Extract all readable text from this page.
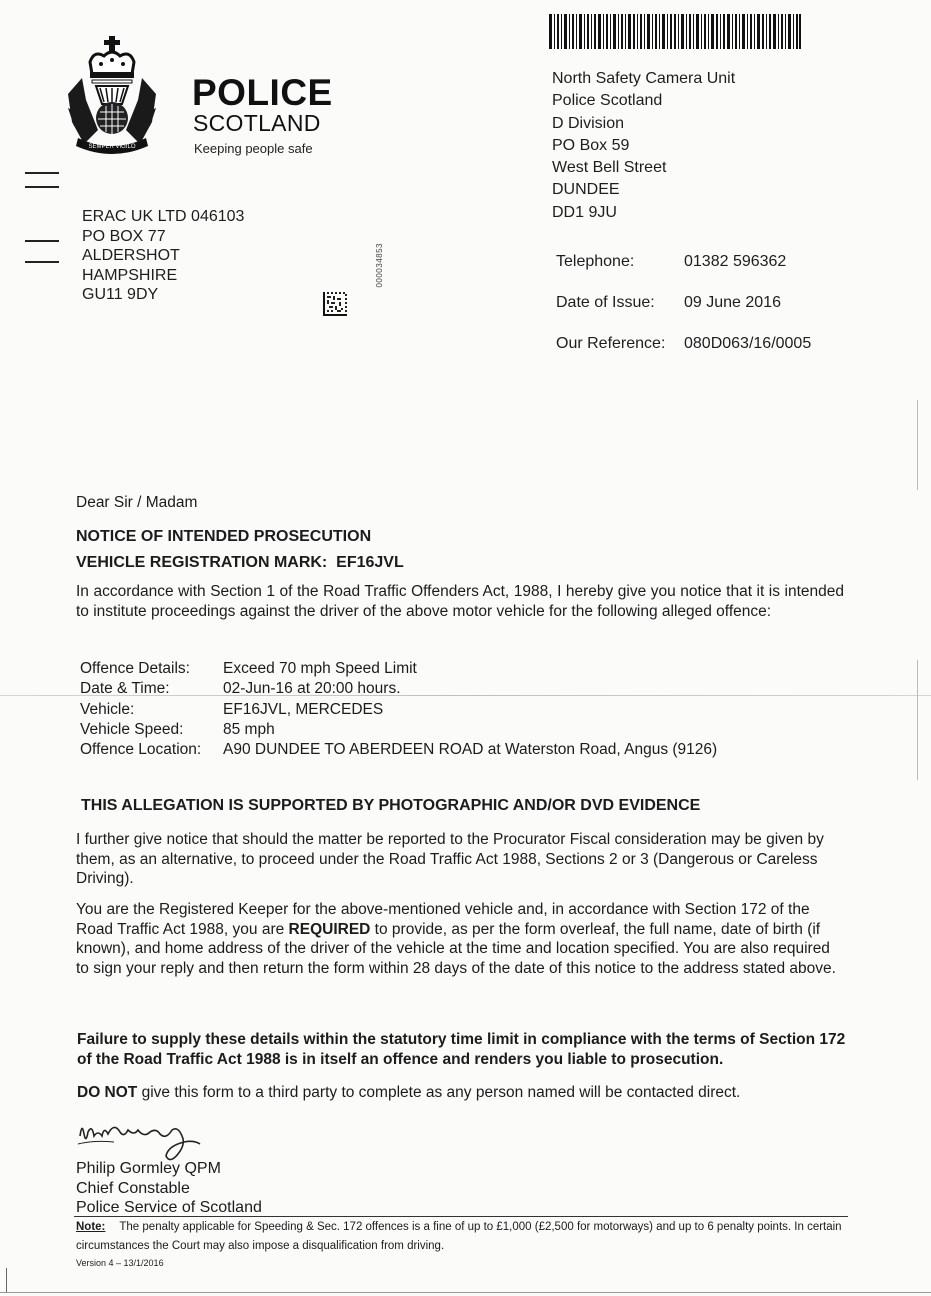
SEMPER VIGILO
POLICE
SCOTLAND
Keeping people safe
North Safety Camera Unit
Police Scotland
D Division
PO Box 59
West Bell Street
DUNDEE
DD1 9JU
Telephone:	01382 596362
Date of Issue:	09 June 2016
Our Reference:	080D063/16/0005
ERAC UK LTD 046103
PO BOX 77
ALDERSHOT
HAMPSHIRE
GU11 9DY
000034853
Dear Sir / Madam
NOTICE OF INTENDED PROSECUTION
VEHICLE REGISTRATION MARK: EF16JVL
In accordance with Section 1 of the Road Traffic Offenders Act, 1988, I hereby give you notice that it is intended to institute proceedings against the driver of the above motor vehicle for the following alleged offence:
Offence Details:	Exceed 70 mph Speed Limit
Date & Time:	02-Jun-16 at 20:00 hours.
Vehicle:	EF16JVL, MERCEDES
Vehicle Speed:	85 mph
Offence Location:	A90 DUNDEE TO ABERDEEN ROAD at Waterston Road, Angus (9126)
THIS ALLEGATION IS SUPPORTED BY PHOTOGRAPHIC AND/OR DVD EVIDENCE
I further give notice that should the matter be reported to the Procurator Fiscal consideration may be given by them, as an alternative, to proceed under the Road Traffic Act 1988, Sections 2 or 3 (Dangerous or Careless Driving).
You are the Registered Keeper for the above-mentioned vehicle and, in accordance with Section 172 of the Road Traffic Act 1988, you are REQUIRED to provide, as per the form overleaf, the full name, date of birth (if known), and home address of the driver of the vehicle at the time and location specified. You are also required to sign your reply and then return the form within 28 days of the date of this notice to the address stated above.
Failure to supply these details within the statutory time limit in compliance with the terms of Section 172 of the Road Traffic Act 1988 is in itself an offence and renders you liable to prosecution.
DO NOT give this form to a third party to complete as any person named will be contacted direct.
Philip Gormley QPM
Chief Constable
Police Service of Scotland
Note: The penalty applicable for Speeding & Sec. 172 offences is a fine of up to £1,000 (£2,500 for motorways) and up to 6 penalty points. In certain circumstances the Court may also impose a disqualification from driving.
Version 4 – 13/1/2016
